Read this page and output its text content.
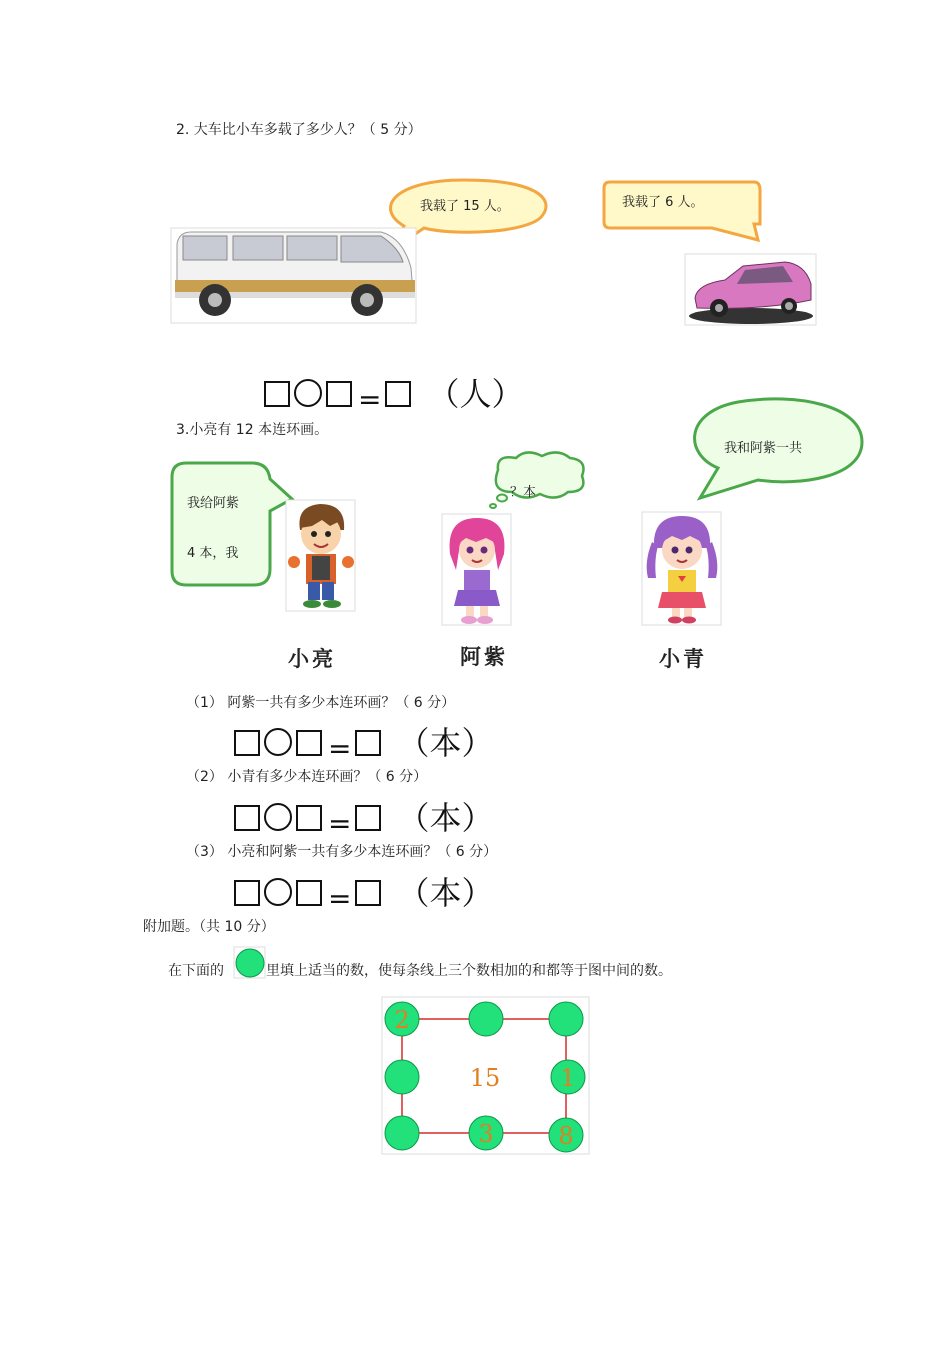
2. 大车比小车多载了多少人？（ 5 分）
我载了 15 人。	我载了 6 人。
= （人）
3.小亮有 12 本连环画。
我给阿紫
4 本，我
？本
我和阿紫一共
小亮	阿紫	小青
（1） 阿紫一共有多少本连环画？（ 6 分）
= （本）
（2） 小青有多少本连环画？（ 6 分）
= （本）
（3） 小亮和阿紫一共有多少本连环画？（ 6 分）
= （本）
附加题。（共 10 分）
在下面的	里填上适当的数，使每条线上三个数相加的和都等于图中间的数。
2
1
8
3
15
